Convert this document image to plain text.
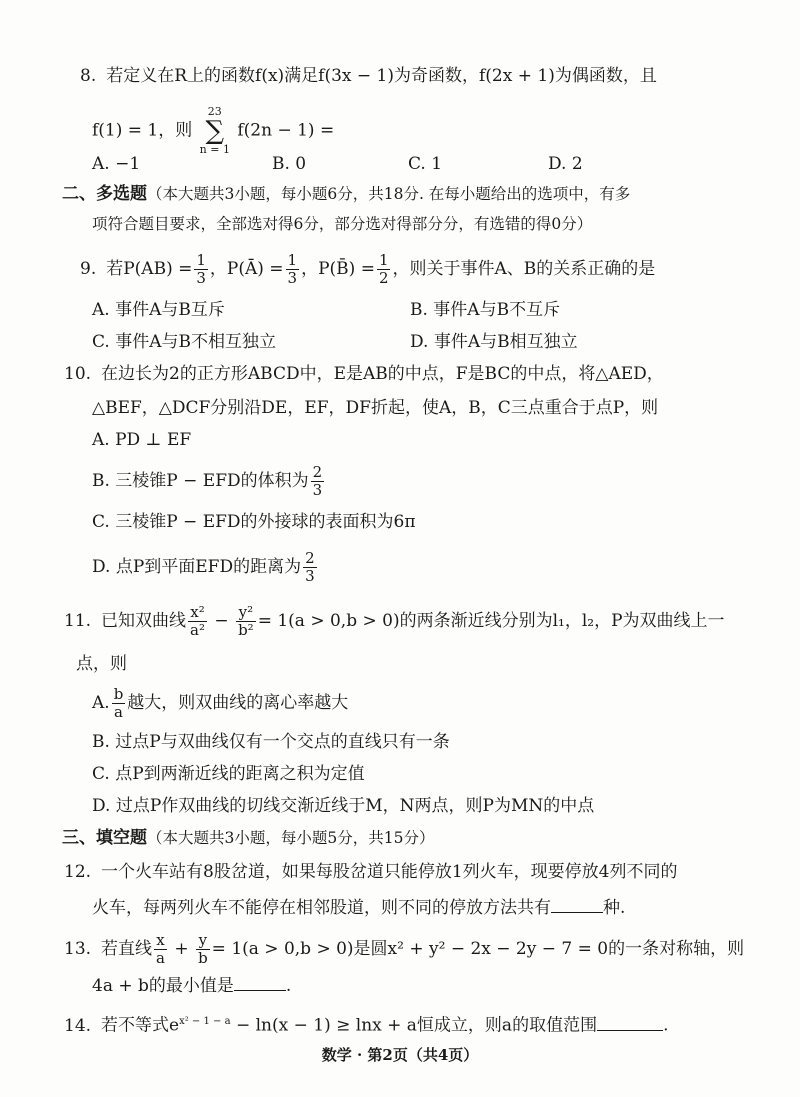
8. 若定义在R上的函数f(x)满足f(3x − 1)为奇函数，f(2x + 1)为偶函数，且
f(1) = 1，则 23
∑
n = 1 f(2n − 1) =
A. −1	B. 0	C. 1	D. 2
二、多选题（本大题共3小题，每小题6分，共18分. 在每小题给出的选项中，有多
项符合题目要求，全部选对得6分，部分选对得部分分，有选错的得0分）
9. 若$P(AB) = \frac{1}{3}$ ，P(Ā) = $\frac{1}{3}$ ，P(B̄) = $\frac{1}{2}$ ，则关于事件A、B的关系正确的是
A. 事件A与B互斥	B. 事件A与B不互斥
C. 事件A与B不相互独立	D. 事件A与B相互独立
10. 在边长为2的正方形ABCD中，E是AB的中点，F是BC的中点，将△AED，
△BEF，△DCF分别沿DE，EF，DF折起，使A，B，C三点重合于点P，则
A. PD ⊥ EF
B. 三棱锥P − EFD的体积为 $\frac{2}{3}$
C. 三棱锥P − EFD的外接球的表面积为6π
D. 点P到平面EFD的距离为 $\frac{2}{3}$
11. 已知双曲线 $\frac{\text{x²}}{\text{a²}} - \frac{\text{y²}}{\text{b²}} = 1(a > 0,b > 0)$的两条渐近线分别为l₁，l₂，P为双曲线上一
点，则
A. $\frac{b}{a}$ 越大，则双曲线的离心率越大
B. 过点P与双曲线仅有一个交点的直线只有一条
C. 点P到两渐近线的距离之积为定值
D. 过点P作双曲线的切线交渐近线于M，N两点，则P为MN的中点
三、填空题（本大题共3小题，每小题5分，共15分）
12. 一个火车站有8股岔道，如果每股岔道只能停放1列火车，现要停放4列不同的
火车，每两列火车不能停在相邻股道，则不同的停放方法共有	种.
13. 若直线 $\frac{x}{a} + \frac{y}{b} = 1(a > 0,b > 0)$是圆x² + y² − 2x − 2y − 7 = 0的一条对称轴，则
4a + b的最小值是	.
14. 若不等式$e^{x^2 - 1 - a} - \ln(x - 1) \ge \ln x + a$恒成立，则a的取值范围	.
数学 · 第2页（共4页）
